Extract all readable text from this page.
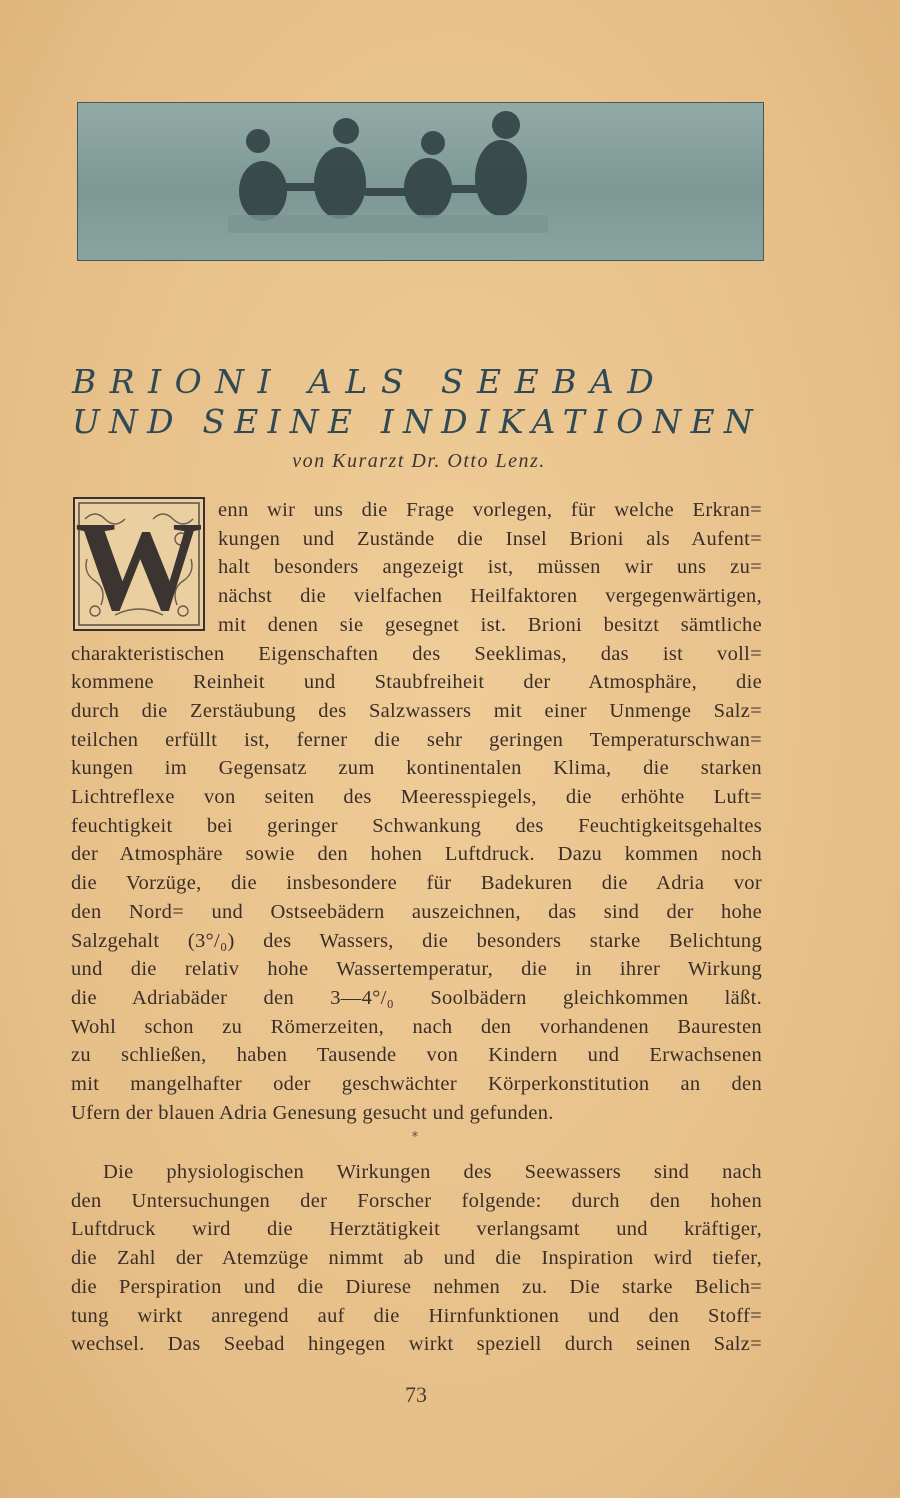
BRIONI ALS SEEBAD
UND SEINE INDIKATIONEN
von Kurarzt Dr. Otto Lenz.
W enn wir uns die Frage vorlegen, für welche Erkran=
kungen und Zustände die Insel Brioni als Aufent=
halt besonders angezeigt ist, müssen wir uns zu=
nächst die vielfachen Heilfaktoren vergegenwärtigen,
mit denen sie gesegnet ist. Brioni besitzt sämtliche
charakteristischen Eigenschaften des Seeklimas, das ist voll=
kommene Reinheit und Staubfreiheit der Atmosphäre, die
durch die Zerstäubung des Salzwassers mit einer Unmenge Salz=
teilchen erfüllt ist, ferner die sehr geringen Temperaturschwan=
kungen im Gegensatz zum kontinentalen Klima, die starken
Lichtreflexe von seiten des Meeresspiegels, die erhöhte Luft=
feuchtigkeit bei geringer Schwankung des Feuchtigkeitsgehaltes
der Atmosphäre sowie den hohen Luftdruck. Dazu kommen noch
die Vorzüge, die insbesondere für Badekuren die Adria vor
den Nord= und Ostseebädern auszeichnen, das sind der hohe
Salzgehalt (3°/₀) des Wassers, die besonders starke Belichtung
und die relativ hohe Wassertemperatur, die in ihrer Wirkung
die Adriabäder den 3—4°/₀ Soolbädern gleichkommen läßt.
Wohl schon zu Römerzeiten, nach den vorhandenen Bauresten
zu schließen, haben Tausende von Kindern und Erwachsenen
mit mangelhafter oder geschwächter Körperkonstitution an den
Ufern der blauen Adria Genesung gesucht und gefunden.
*
Die physiologischen Wirkungen des Seewassers sind nach
den Untersuchungen der Forscher folgende: durch den hohen
Luftdruck wird die Herztätigkeit verlangsamt und kräftiger,
die Zahl der Atemzüge nimmt ab und die Inspiration wird tiefer,
die Perspiration und die Diurese nehmen zu. Die starke Belich=
tung wirkt anregend auf die Hirnfunktionen und den Stoff=
wechsel. Das Seebad hingegen wirkt speziell durch seinen Salz=
73
